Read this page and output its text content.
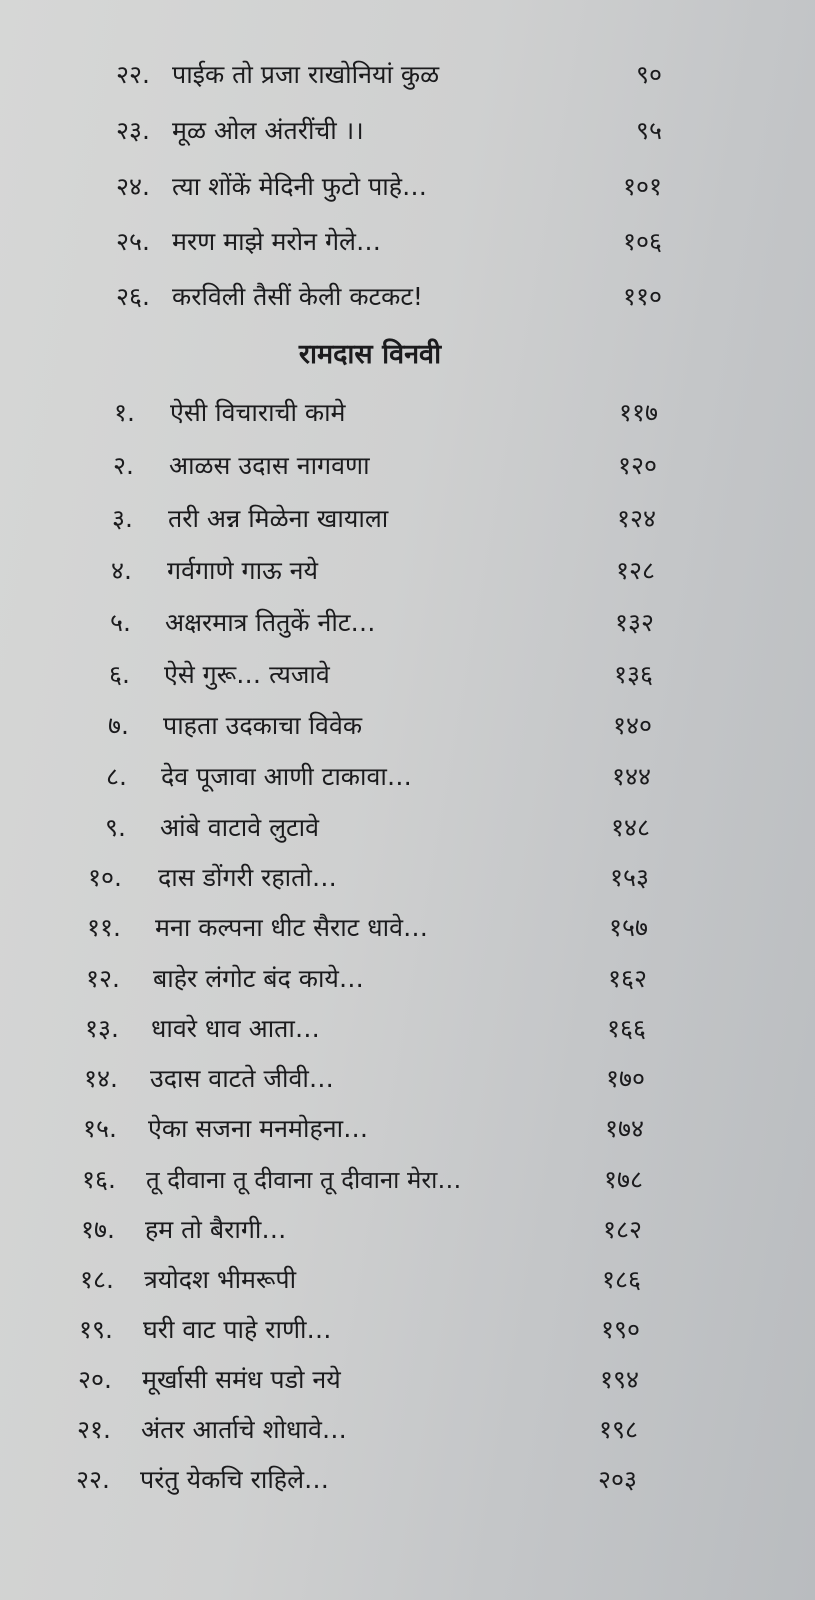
२२. पाईक तो प्रजा राखोनियां कुळ	९०
२३. मूळ ओल अंतरींची ।।	९५
२४. त्या शोंकें मेदिनी फुटो पाहे…	१०१
२५. मरण माझे मरोन गेले…	१०६
२६. करविली तैसीं केली कटकट!	११०
रामदास विनवी
१. ऐसी विचाराची कामे	११७
२. आळस उदास नागवणा	१२०
३. तरी अन्न मिळेना खायाला	१२४
४. गर्वगाणे गाऊ नये	१२८
५. अक्षरमात्र तितुकें नीट…	१३२
६. ऐसे गुरू… त्यजावे	१३६
७. पाहता उदकाचा विवेक	१४०
८. देव पूजावा आणी टाकावा…	१४४
९. आंबे वाटावे लुटावे	१४८
१०. दास डोंगरी रहातो…	१५३
११. मना कल्पना धीट सैराट धावे…	१५७
१२. बाहेर लंगोट बंद काये…	१६२
१३. धावरे धाव आता…	१६६
१४. उदास वाटते जीवी…	१७०
१५. ऐका सजना मनमोहना…	१७४
१६. तू दीवाना तू दीवाना तू दीवाना मेरा…	१७८
१७. हम तो बैरागी…	१८२
१८. त्रयोदश भीमरूपी	१८६
१९. घरी वाट पाहे राणी…	१९०
२०. मूर्खासी समंध पडो नये	१९४
२१. अंतर आर्ताचे शोधावे…	१९८
२२. परंतु येकचि राहिले…	२०३
